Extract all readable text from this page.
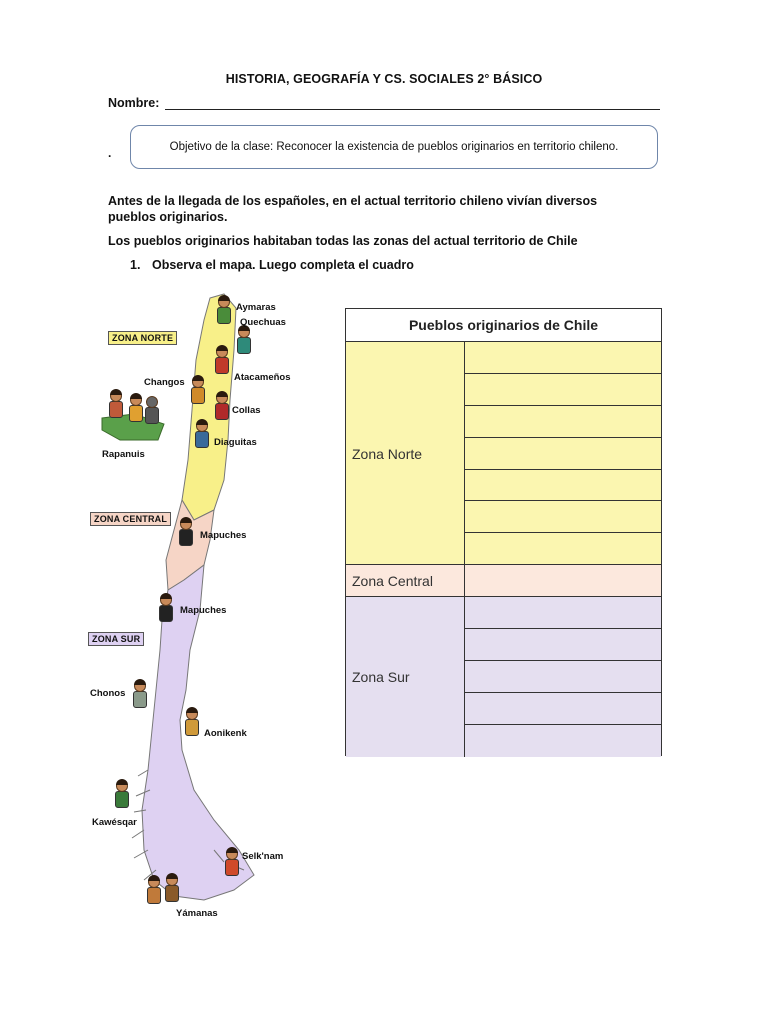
HISTORIA, GEOGRAFÍA Y CS. SOCIALES 2° BÁSICO
Nombre:
.	Objetivo de la clase: Reconocer la existencia de pueblos originarios en territorio chileno.
Antes de la llegada de los españoles, en el actual territorio chileno vivían diversos pueblos originarios.
Los pueblos originarios habitaban todas las zonas del actual territorio de Chile
1. Observa el mapa. Luego completa el cuadro
ZONA NORTE
ZONA CENTRAL
ZONA SUR
Aymaras
Quechuas
Atacameños
Changos
Collas
Diaguitas
Rapanuis
Mapuches
Mapuches
Chonos
Aonikenk
Kawésqar
Selk'nam
Yámanas
Pueblos originarios de Chile
Zona Norte
Zona Central
Zona Sur
